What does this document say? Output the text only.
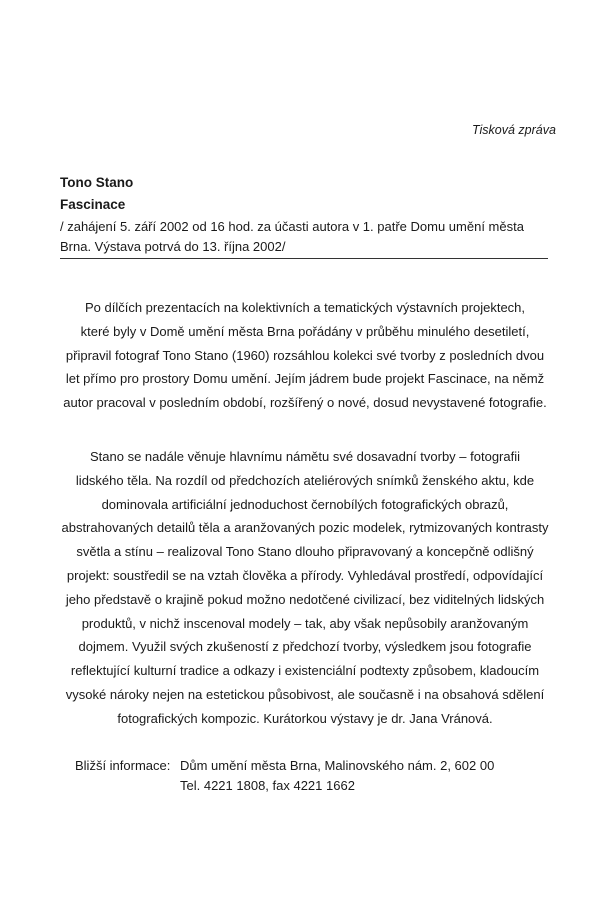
Tisková zpráva
Tono Stano
Fascinace
/ zahájení 5. září 2002 od 16 hod. za účasti autora v 1. patře Domu umění města
Brna. Výstava potrvá do 13. října 2002/
Po dílčích prezentacích na kolektivních a tematických výstavních projektech,
které byly v Domě umění města Brna pořádány v průběhu minulého desetiletí,
připravil fotograf Tono Stano (1960) rozsáhlou kolekci své tvorby z posledních dvou
let přímo pro prostory Domu umění. Jejím jádrem bude projekt Fascinace, na němž
autor pracoval v posledním období, rozšířený o nové, dosud nevystavené fotografie.
Stano se nadále věnuje hlavnímu námětu své dosavadní tvorby – fotografii
lidského těla. Na rozdíl od předchozích ateliérových snímků ženského aktu, kde
dominovala artificiální jednoduchost černobílých fotografických obrazů,
abstrahovaných detailů těla a aranžovaných pozic modelek, rytmizovaných kontrasty
světla a stínu – realizoval Tono Stano dlouho připravovaný a koncepčně odlišný
projekt: soustředil se na vztah člověka a přírody. Vyhledával prostředí, odpovídající
jeho představě o krajině pokud možno nedotčené civilizací, bez viditelných lidských
produktů, v nichž inscenoval modely – tak, aby však nepůsobily aranžovaným
dojmem. Využil svých zkušeností z předchozí tvorby, výsledkem jsou fotografie
reflektující kulturní tradice a odkazy i existenciální podtexty způsobem, kladoucím
vysoké nároky nejen na estetickou působivost, ale současně i na obsahová sdělení
fotografických kompozic. Kurátorkou výstavy je dr. Jana Vránová.
Bližší informace: Dům umění města Brna, Malinovského nám. 2, 602 00
Tel. 4221 1808, fax 4221 1662
